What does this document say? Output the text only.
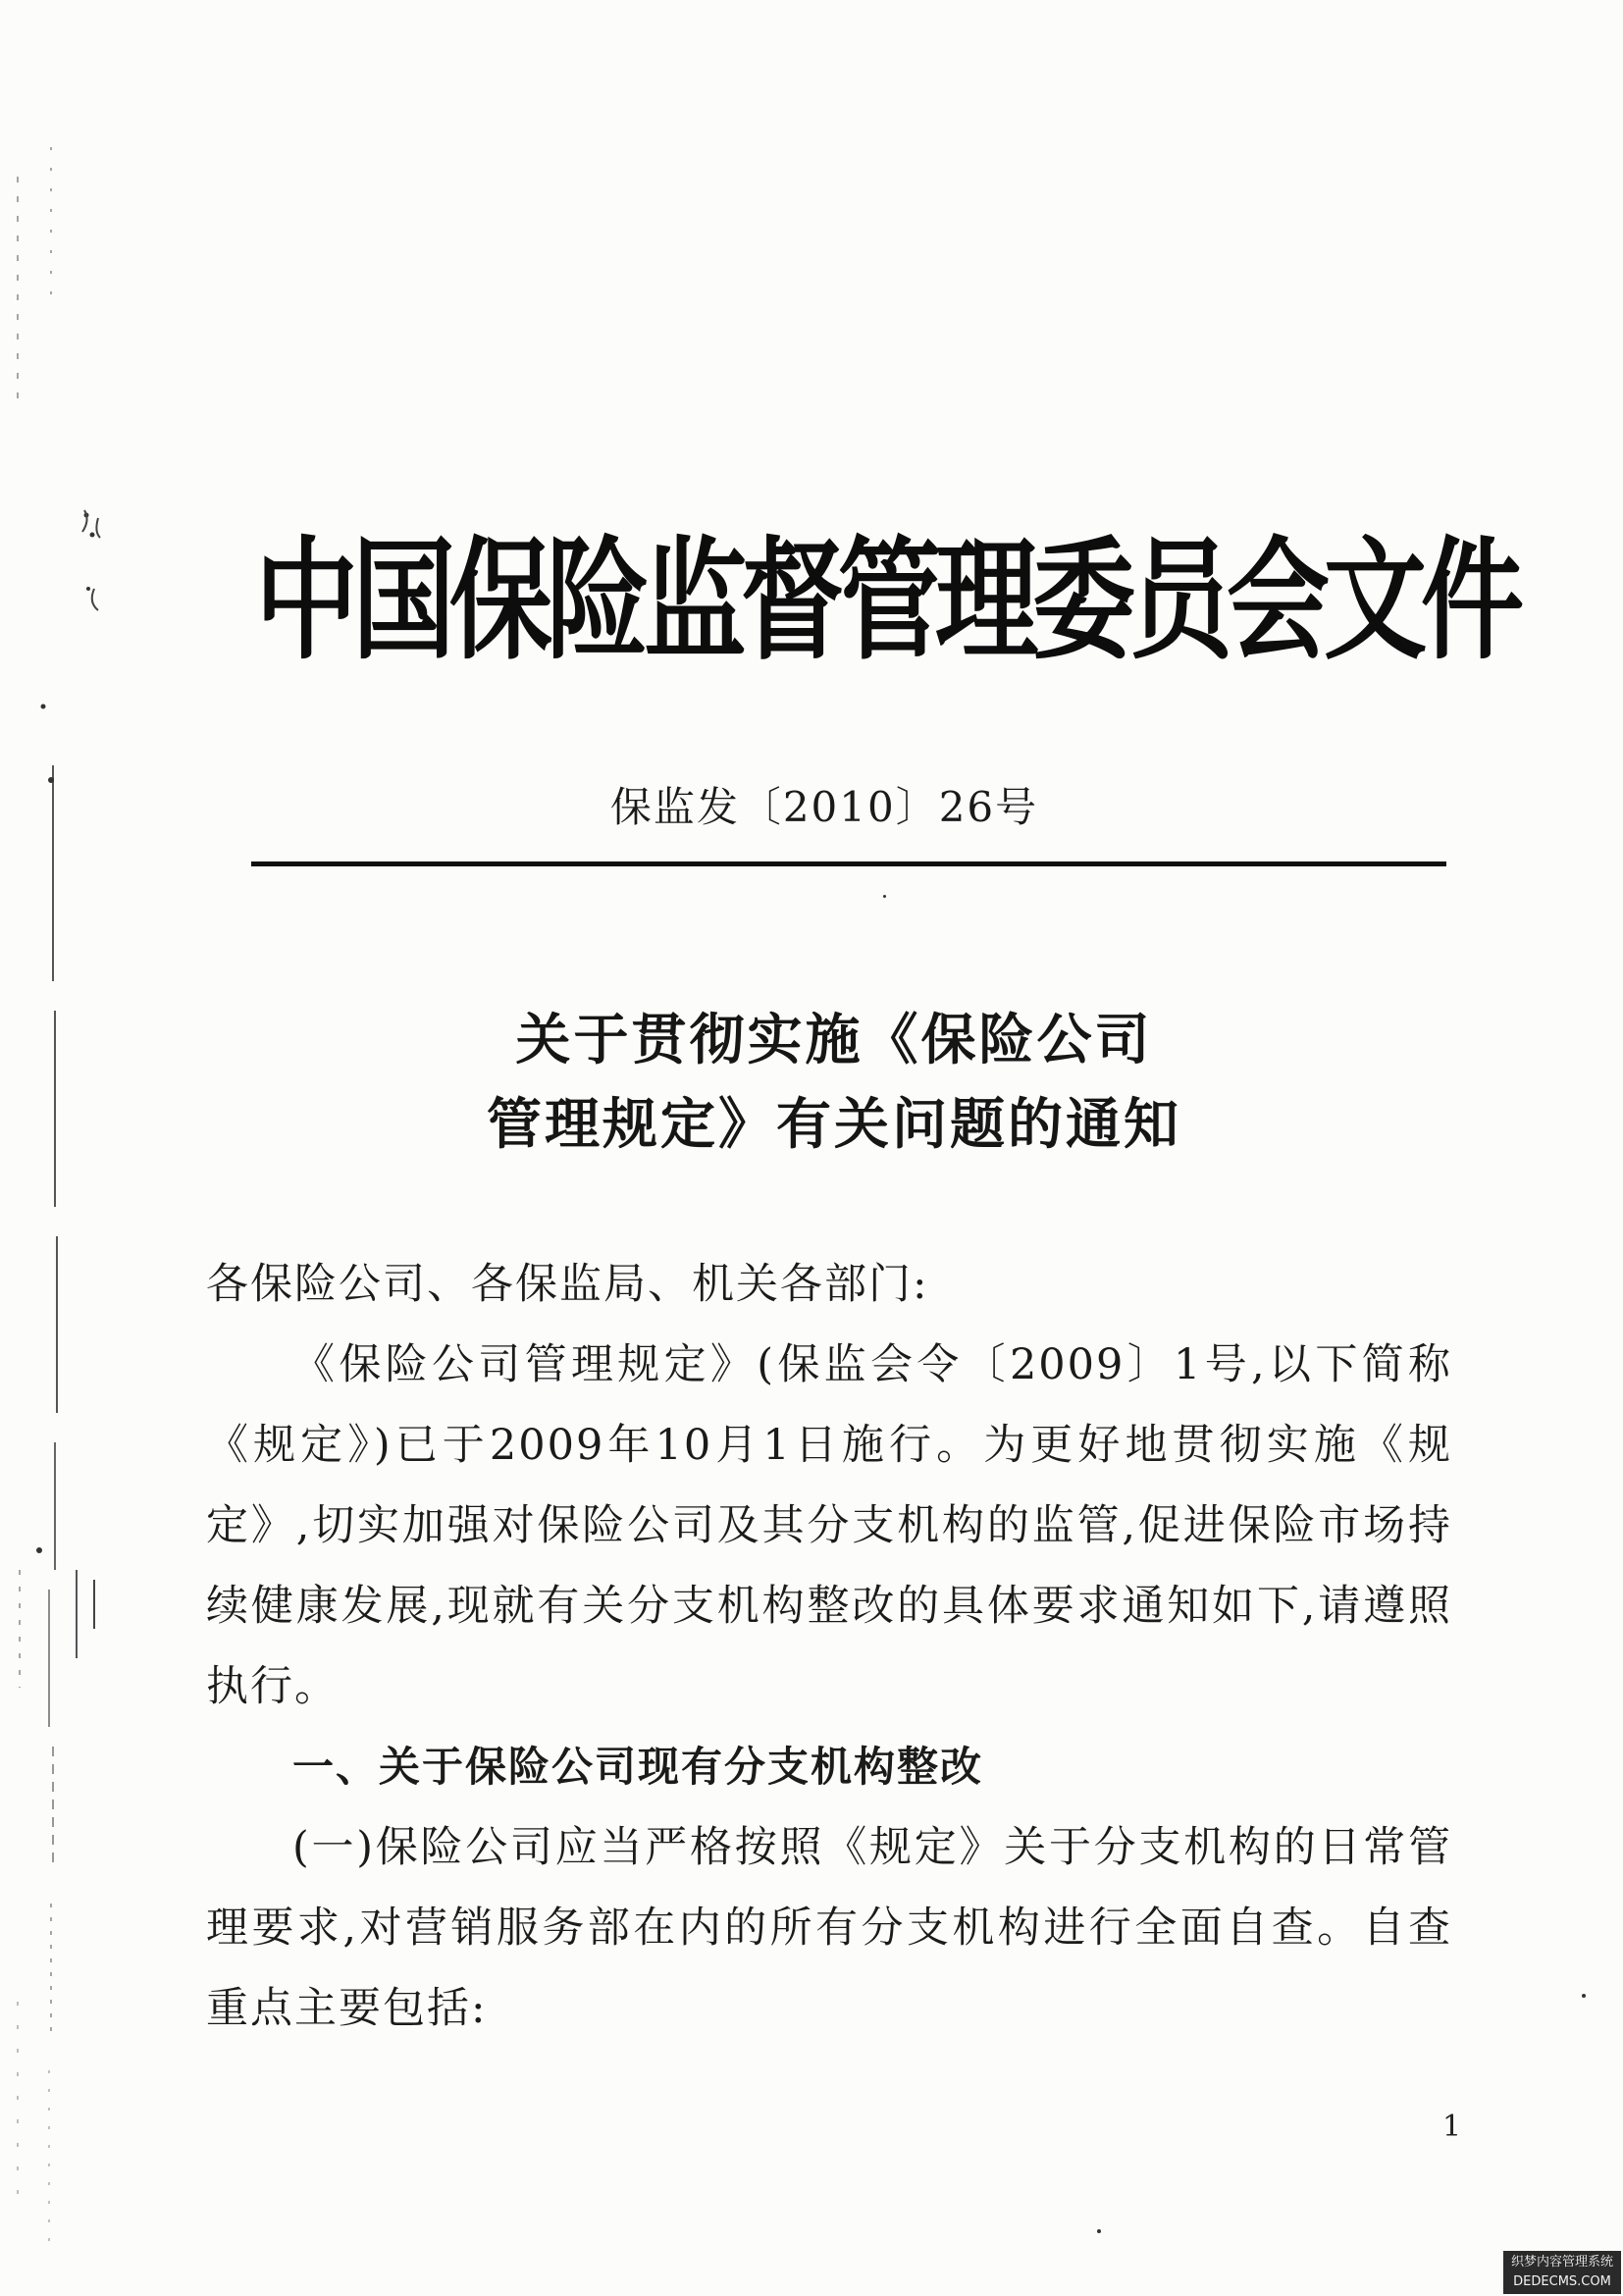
中国保险监督管理委员会文件
保监发〔2010〕26号
关于贯彻实施《保险公司
管理规定》有关问题的通知

各保险公司、各保监局、机关各部门:

《保险公司管理规定》(保监会令〔2009〕1号,以下简称《规定》)已于2009年10月1日施行。为更好地贯彻实施《规定》,切实加强对保险公司及其分支机构的监管,促进保险市场持续健康发展,现就有关分支机构整改的具体要求通知如下,请遵照执行。

一、关于保险公司现有分支机构整改

(一)保险公司应当严格按照《规定》关于分支机构的日常管理要求,对营销服务部在内的所有分支机构进行全面自查。自查重点主要包括:

1
织梦内容管理系统
DEDECMS.COM
